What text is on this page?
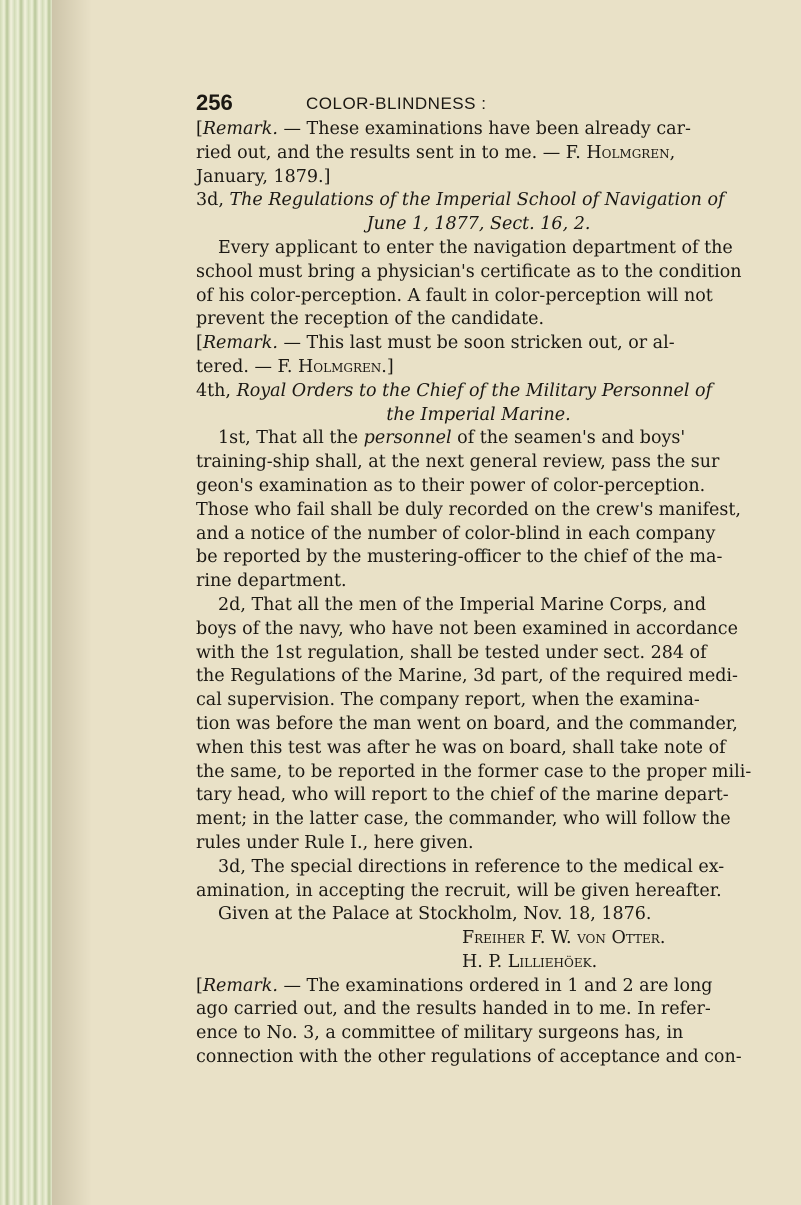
256	COLOR-BLINDNESS :
[Remark. — These examinations have been already car-
ried out, and the results sent in to me. — F. Holmgren,
January, 1879.]
3d, The Regulations of the Imperial School of Navigation of
June 1, 1877, Sect. 16, 2.
Every applicant to enter the navigation department of the
school must bring a physician's certificate as to the condition
of his color-perception. A fault in color-perception will not
prevent the reception of the candidate.
[Remark. — This last must be soon stricken out, or al-
tered. — F. Holmgren.]
4th, Royal Orders to the Chief of the Military Personnel of
the Imperial Marine.
1st, That all the personnel of the seamen's and boys'
training-ship shall, at the next general review, pass the sur
geon's examination as to their power of color-perception.
Those who fail shall be duly recorded on the crew's manifest,
and a notice of the number of color-blind in each company
be reported by the mustering-officer to the chief of the ma-
rine department.
2d, That all the men of the Imperial Marine Corps, and
boys of the navy, who have not been examined in accordance
with the 1st regulation, shall be tested under sect. 284 of
the Regulations of the Marine, 3d part, of the required medi-
cal supervision. The company report, when the examina-
tion was before the man went on board, and the commander,
when this test was after he was on board, shall take note of
the same, to be reported in the former case to the proper mili-
tary head, who will report to the chief of the marine depart-
ment; in the latter case, the commander, who will follow the
rules under Rule I., here given.
3d, The special directions in reference to the medical ex-
amination, in accepting the recruit, will be given hereafter.
Given at the Palace at Stockholm, Nov. 18, 1876.
Freiher F. W. von Otter.
H. P. Lilliehöek.
[Remark. — The examinations ordered in 1 and 2 are long
ago carried out, and the results handed in to me. In refer-
ence to No. 3, a committee of military surgeons has, in
connection with the other regulations of acceptance and con-
